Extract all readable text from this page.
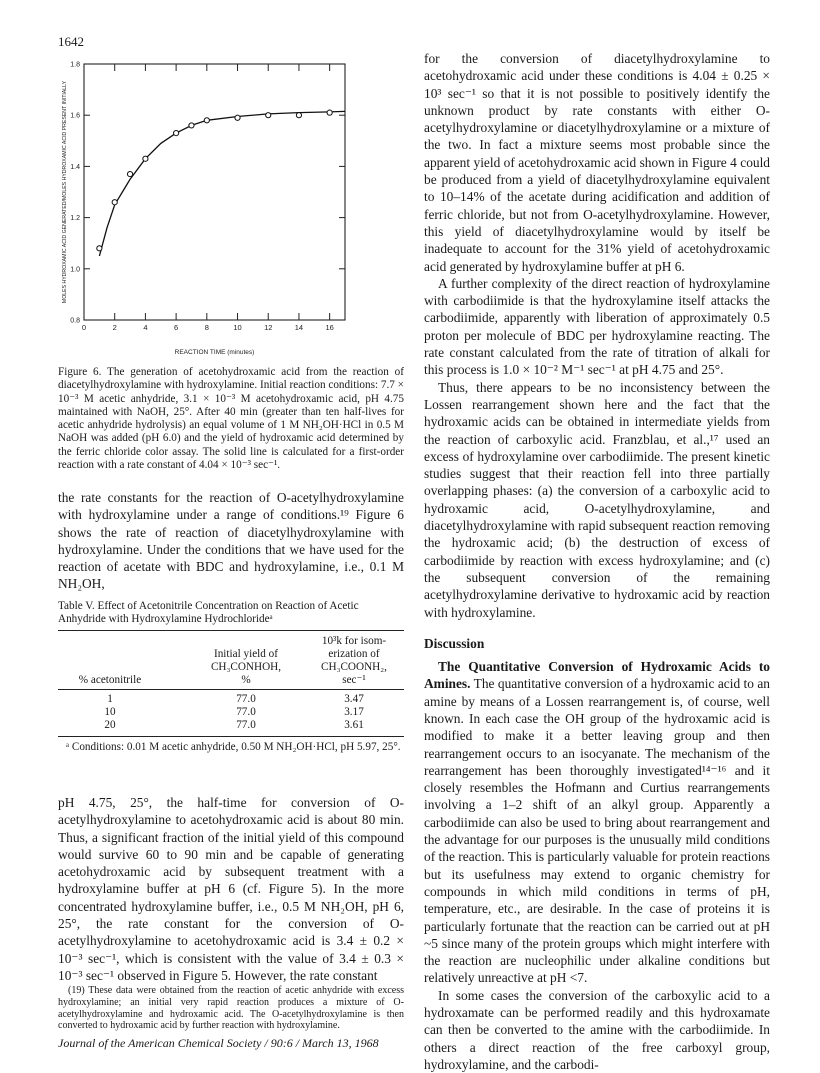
1642
0	2	4	6	8	10	12	14	16
0.8
1.0
1.2
1.4
1.6
1.8
REACTION TIME (minutes)
MOLES HYDROXAMIC ACID GENERATED/MOLES HYDROXAMIC ACID PRESENT INITIALLY
Figure 6. The generation of acetohydroxamic acid from the reaction of diacetylhydroxylamine with hydroxylamine. Initial reaction conditions: 7.7 × 10⁻³ M acetic anhydride, 3.1 × 10⁻³ M acetohydroxamic acid, pH 4.75 maintained with NaOH, 25°. After 40 min (greater than ten half-lives for acetic anhydride hydrolysis) an equal volume of 1 M NH₂OH·HCl in 0.5 M NaOH was added (pH 6.0) and the yield of hydroxamic acid determined by the ferric chloride color assay. The solid line is calculated for a first-order reaction with a rate constant of 4.04 × 10⁻³ sec⁻¹.

the rate constants for the reaction of O-acetylhydroxylamine with hydroxylamine under a range of conditions.¹⁹ Figure 6 shows the rate of reaction of diacetylhydroxylamine with hydroxylamine. Under the conditions that we have used for the reaction of acetate with BDC and hydroxylamine, i.e., 0.1 M NH₂OH,

Table V. Effect of Acetonitrile Concentration on Reaction of Acetic Anhydride with Hydroxylamine Hydrochlorideᵃ
% acetonitrile
Initial yield of
CH₃CONHOH,
%
10³k for isom-
erization of
CH₃COONH₂,
sec⁻¹
1	77.0	3.47
10	77.0	3.17
20	77.0	3.61
ᵃ Conditions: 0.01 M acetic anhydride, 0.50 M NH₂OH·HCl, pH 5.97, 25°.

pH 4.75, 25°, the half-time for conversion of O-acetylhydroxylamine to acetohydroxamic acid is about 80 min. Thus, a significant fraction of the initial yield of this compound would survive 60 to 90 min and be capable of generating acetohydroxamic acid by subsequent treatment with a hydroxylamine buffer at pH 6 (cf. Figure 5). In the more concentrated hydroxylamine buffer, i.e., 0.5 M NH₂OH, pH 6, 25°, the rate constant for the conversion of O-acetylhydroxylamine to acetohydroxamic acid is 3.4 ± 0.2 × 10⁻³ sec⁻¹, which is consistent with the value of 3.4 ± 0.3 × 10⁻³ sec⁻¹ observed in Figure 5. However, the rate constant

(19) These data were obtained from the reaction of acetic anhydride with excess hydroxylamine; an initial very rapid reaction produces a mixture of O-acetylhydroxylamine and hydroxamic acid. The O-acetylhydroxylamine is then converted to hydroxamic acid by further reaction with hydroxylamine.

for the conversion of diacetylhydroxylamine to acetohydroxamic acid under these conditions is 4.04 ± 0.25 × 10³ sec⁻¹ so that it is not possible to positively identify the unknown product by rate constants with either O-acetylhydroxylamine or diacetylhydroxylamine or a mixture of the two. In fact a mixture seems most probable since the apparent yield of acetohydroxamic acid shown in Figure 4 could be produced from a yield of diacetylhydroxylamine equivalent to 10–14% of the acetate during acidification and addition of ferric chloride, but not from O-acetylhydroxylamine. However, this yield of diacetylhydroxylamine would by itself be inadequate to account for the 31% yield of acetohydroxamic acid generated by hydroxylamine buffer at pH 6.

A further complexity of the direct reaction of hydroxylamine with carbodiimide is that the hydroxylamine itself attacks the carbodiimide, apparently with liberation of approximately 0.5 proton per molecule of BDC per hydroxylamine reacting. The rate constant calculated from the rate of titration of alkali for this process is 1.0 × 10⁻² M⁻¹ sec⁻¹ at pH 4.75 and 25°.

Thus, there appears to be no inconsistency between the Lossen rearrangement shown here and the fact that the hydroxamic acids can be obtained in intermediate yields from the reaction of carboxylic acid. Franzblau, et al.,¹⁷ used an excess of hydroxylamine over carbodiimide. The present kinetic studies suggest that their reaction fell into three partially overlapping phases: (a) the conversion of a carboxylic acid to hydroxamic acid, O-acetylhydroxylamine, and diacetylhydroxylamine with rapid subsequent reaction removing the hydroxamic acid; (b) the destruction of excess of carbodiimide by reaction with excess hydroxylamine; and (c) the subsequent conversion of the remaining acetylhydroxylamine derivative to hydroxamic acid by reaction with hydroxylamine.

Discussion

The Quantitative Conversion of Hydroxamic Acids to Amines. The quantitative conversion of a hydroxamic acid to an amine by means of a Lossen rearrangement is, of course, well known. In each case the OH group of the hydroxamic acid is modified to make it a better leaving group and then rearrangement occurs to an isocyanate. The mechanism of the rearrangement has been thoroughly investigated¹⁴⁻¹⁶ and it closely resembles the Hofmann and Curtius rearrangements involving a 1–2 shift of an alkyl group. Apparently a carbodiimide can also be used to bring about rearrangement and the advantage for our purposes is the unusually mild conditions of the reaction. This is particularly valuable for protein reactions but its usefulness may extend to organic chemistry for compounds in which mild conditions in terms of pH, temperature, etc., are desirable. In the case of proteins it is particularly fortunate that the reaction can be carried out at pH ~5 since many of the protein groups which might interfere with the reaction are nucleophilic under alkaline conditions but relatively unreactive at pH <7.

In some cases the conversion of the carboxylic acid to a hydroxamate can be performed readily and this hydroxamate can then be converted to the amine with the carbodiimide. In others a direct reaction of the free carboxyl group, hydroxylamine, and the carbodi-

Journal of the American Chemical Society / 90:6 / March 13, 1968
